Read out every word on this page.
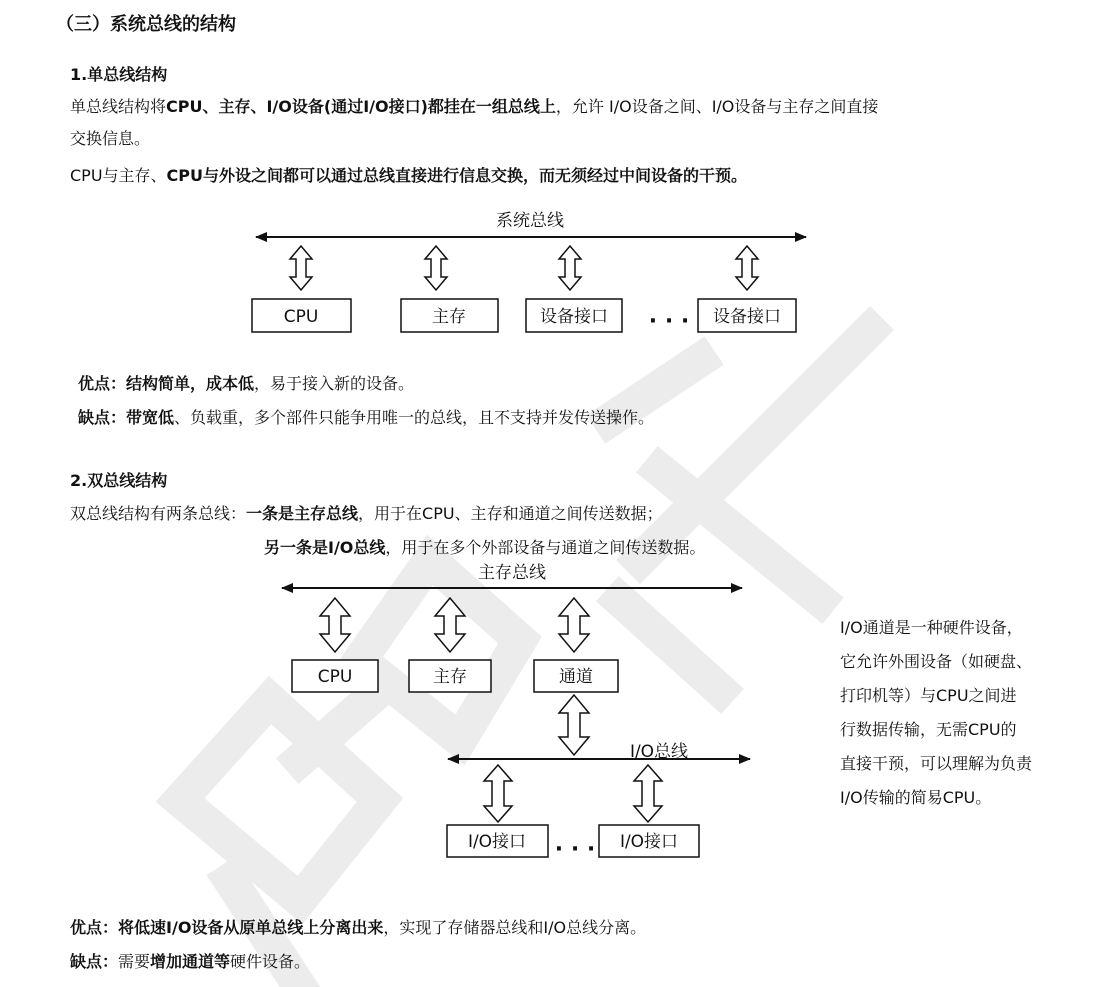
（三）系统总线的结构
1.单总线结构
单总线结构将CPU、主存、I/O设备(通过I/O接口)都挂在一组总线上，允许 I/O设备之间、I/O设备与主存之间直接
交换信息。
CPU与主存、CPU与外设之间都可以通过总线直接进行信息交换，而无须经过中间设备的干预。
系统总线
CPU	主存	设备接口	设备接口
· · ·
优点：结构简单，成本低，易于接入新的设备。
缺点：带宽低、负载重，多个部件只能争用唯一的总线，且不支持并发传送操作。
2.双总线结构
双总线结构有两条总线：一条是主存总线，用于在CPU、主存和通道之间传送数据；
另一条是I/O总线，用于在多个外部设备与通道之间传送数据。
主存总线
CPU	主存	通道
I/O总线
I/O接口	I/O接口
· · ·
I/O通道是一种硬件设备，
它允许外围设备（如硬盘、
打印机等）与CPU之间进
行数据传输，无需CPU的
直接干预，可以理解为负责
I/O传输的简易CPU。
优点：将低速I/O设备从原单总线上分离出来，实现了存储器总线和I/O总线分离。
缺点：需要增加通道等硬件设备。
